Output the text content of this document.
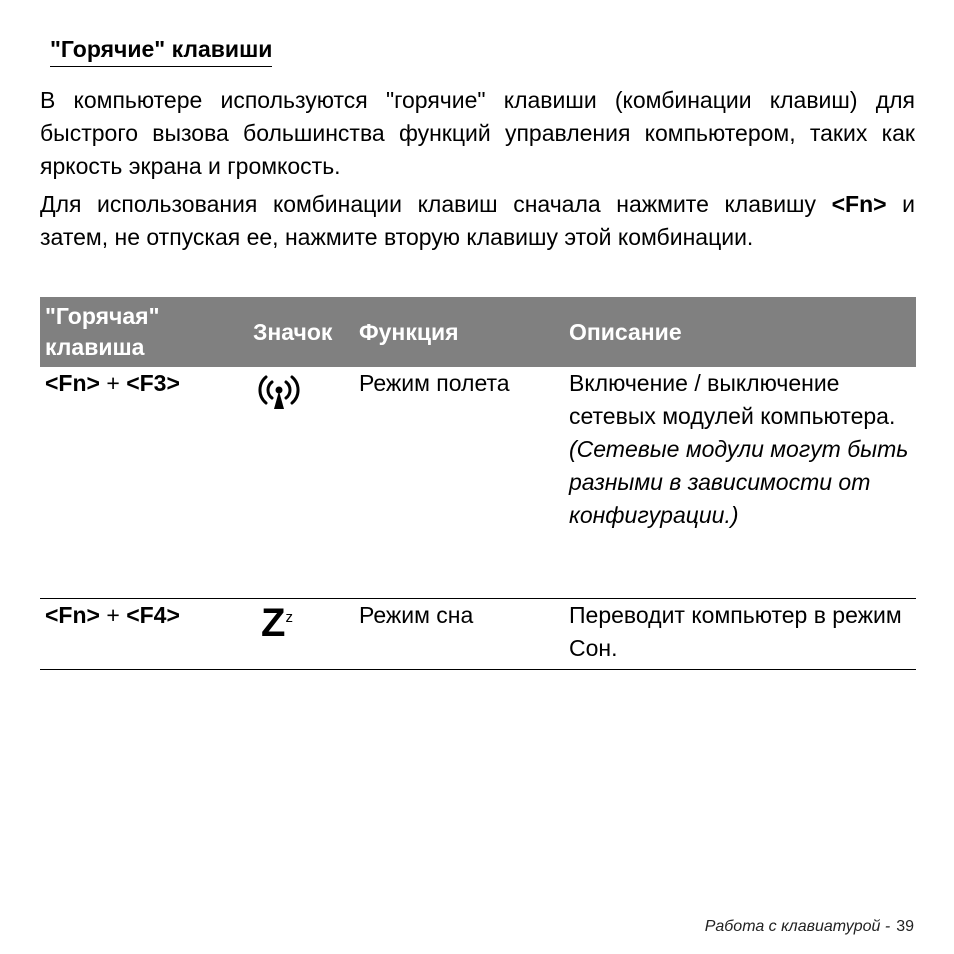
"Горячие" клавиши

В компьютере используются "горячие" клавиши (комбинации клавиш) для быстрого вызова большинства функций управления компьютером, таких как яркость экрана и громкость.

Для использования комбинации клавиш сначала нажмите клавишу <Fn> и затем, не отпуская ее, нажмите вторую клавишу этой комбинации.

"Горячая" клавиша	Значок	Функция	Описание
<Fn> + <F3>		Режим полета	Включение / выключение сетевых модулей компьютера.
(Сетевые модули могут быть разными в зависимости от конфигурации.)

<Fn> + <F4>	$Z^z$	Режим сна	Переводит компьютер в режим Сон.
Работа с клавиатурой - 39
